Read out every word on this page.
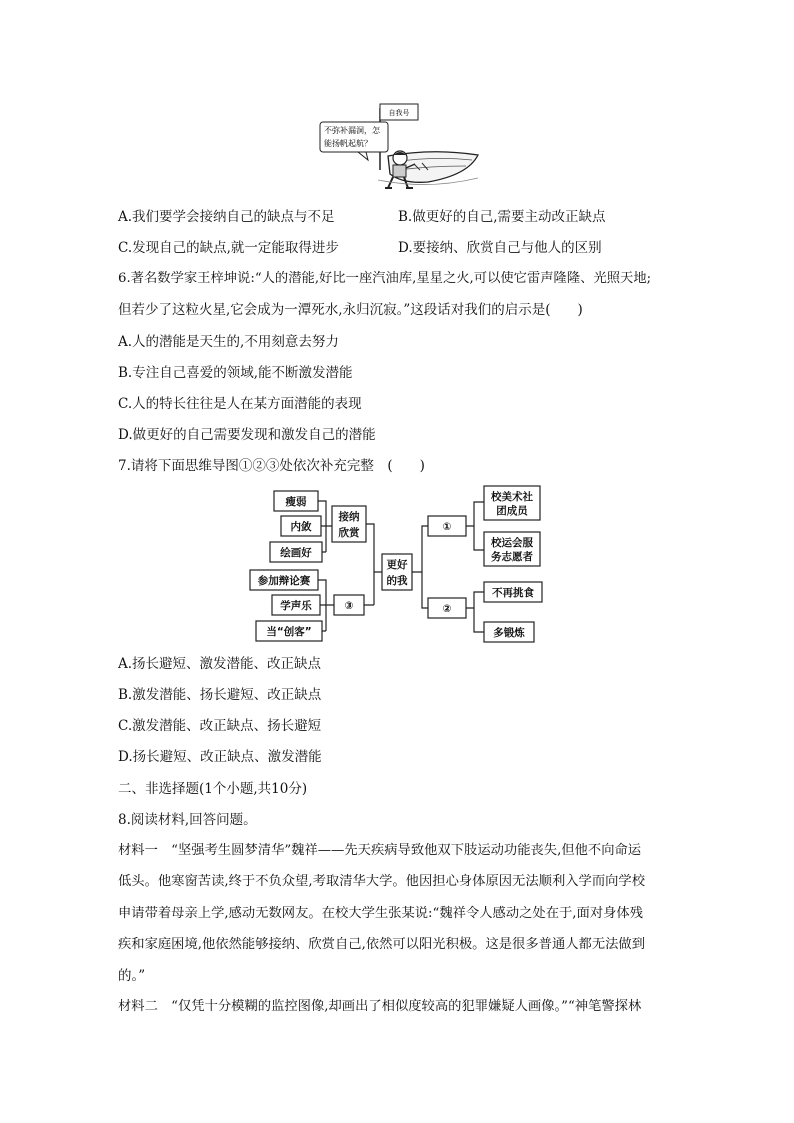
自我号
不弥补漏洞，怎
能扬帆起航？
A.我们要学会接纳自己的缺点与不足	B.做更好的自己,需要主动改正缺点
C.发现自己的缺点,就一定能取得进步	D.要接纳、欣赏自己与他人的区别
6.著名数学家王梓坤说:“人的潜能,好比一座汽油库,星星之火,可以使它雷声隆隆、光照天地;
但若少了这粒火星,它会成为一潭死水,永归沉寂。”这段话对我们的启示是(　　)
A.人的潜能是天生的,不用刻意去努力
B.专注自己喜爱的领域,能不断激发潜能
C.人的特长往往是人在某方面潜能的表现
D.做更好的自己需要发现和激发自己的潜能
7.请将下面思维导图①②③处依次补充完整　(　　)
瘦弱
内敛
绘画好
接纳
欣赏
参加辩论赛
学声乐
当“创客”
③
更好
的我
①
②
校美术社
团成员
校运会服
务志愿者
不再挑食
多锻炼
A.扬长避短、激发潜能、改正缺点
B.激发潜能、扬长避短、改正缺点
C.激发潜能、改正缺点、扬长避短
D.扬长避短、改正缺点、激发潜能
二、非选择题(1个小题,共10分)
8.阅读材料,回答问题。
材料一　“坚强考生圆梦清华”魏祥——先天疾病导致他双下肢运动功能丧失,但他不向命运
低头。他寒窗苦读,终于不负众望,考取清华大学。他因担心身体原因无法顺利入学而向学校
申请带着母亲上学,感动无数网友。在校大学生张某说:“魏祥令人感动之处在于,面对身体残
疾和家庭困境,他依然能够接纳、欣赏自己,依然可以阳光积极。这是很多普通人都无法做到
的。”
材料二　“仅凭十分模糊的监控图像,却画出了相似度较高的犯罪嫌疑人画像。”“神笔警探林
